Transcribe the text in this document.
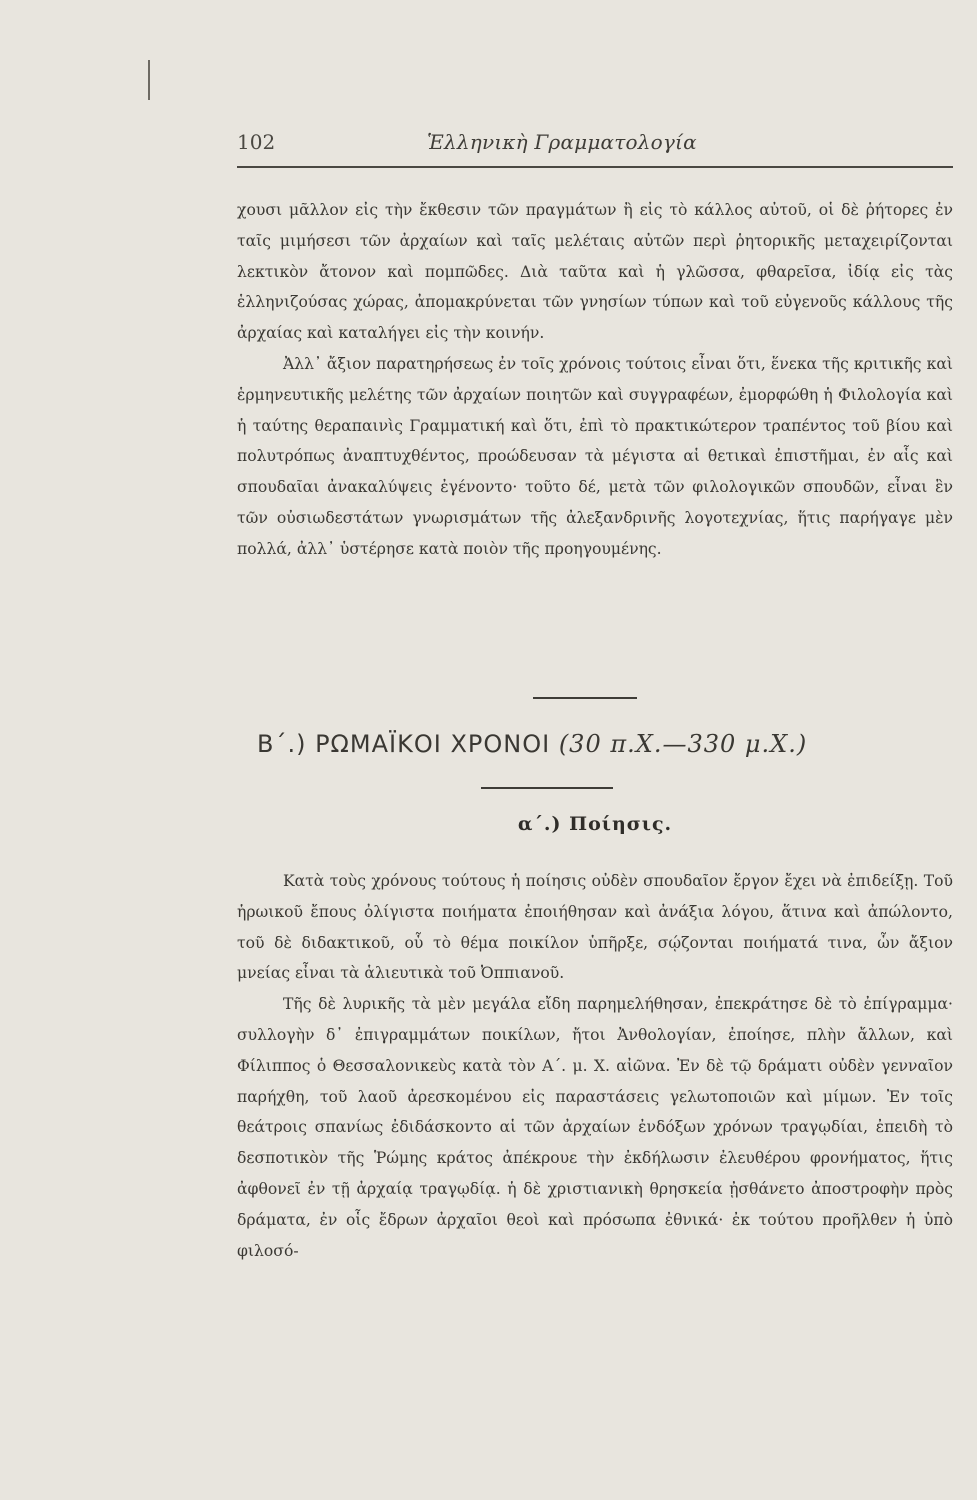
102	Ἑλληνικὴ Γραμματολογία

χουσι μᾶλλον εἰς τὴν ἔκθεσιν τῶν πραγμάτων ἢ εἰς τὸ κάλλος αὐτοῦ, οἱ δὲ ῥήτορες ἐν ταῖς μιμήσεσι τῶν ἀρχαίων καὶ ταῖς μελέταις αὐτῶν περὶ ῥητορικῆς μεταχειρίζονται λεκτικὸν ἄτονον καὶ πομπῶδες. Διὰ ταῦτα καὶ ἡ γλῶσσα, φθαρεῖσα, ἰδίᾳ εἰς τὰς ἑλληνιζούσας χώρας, ἀπομακρύνεται τῶν γνησίων τύπων καὶ τοῦ εὐγενοῦς κάλλους τῆς ἀρχαίας καὶ καταλήγει εἰς τὴν κοινήν.

Ἀλλ᾽ ἄξιον παρατηρήσεως ἐν τοῖς χρόνοις τούτοις εἶναι ὅτι, ἕνεκα τῆς κριτικῆς καὶ ἑρμηνευτικῆς μελέτης τῶν ἀρχαίων ποιητῶν καὶ συγγραφέων, ἐμορφώθη ἡ Φιλολογία καὶ ἡ ταύτης θεραπαινὶς Γραμματική καὶ ὅτι, ἐπὶ τὸ πρακτικώτερον τραπέντος τοῦ βίου καὶ πολυτρόπως ἀναπτυχθέντος, προώδευσαν τὰ μέγιστα αἱ θετικαὶ ἐπιστῆμαι, ἐν αἷς καὶ σπουδαῖαι ἀνακαλύψεις ἐγένοντο· τοῦτο δέ, μετὰ τῶν φιλολογικῶν σπουδῶν, εἶναι ἓν τῶν οὐσιωδεστάτων γνωρισμάτων τῆς ἀλεξανδρινῆς λογοτεχνίας, ἥτις παρήγαγε μὲν πολλά, ἀλλ᾽ ὑστέρησε κατὰ ποιὸν τῆς προηγουμένης.

Β΄.) ΡΩΜΑΪΚΟΙ ΧΡΟΝΟΙ (30 π.Χ.—330 μ.Χ.)
α΄.) Ποίησις.

Κατὰ τοὺς χρόνους τούτους ἡ ποίησις οὐδὲν σπουδαῖον ἔργον ἔχει νὰ ἐπιδείξῃ. Τοῦ ἡρωικοῦ ἔπους ὀλίγιστα ποιήματα ἐποιήθησαν καὶ ἀνάξια λόγου, ἅτινα καὶ ἀπώλοντο, τοῦ δὲ διδακτικοῦ, οὗ τὸ θέμα ποικίλον ὑπῆρξε, σῴζονται ποιήματά τινα, ὧν ἄξιον μνείας εἶναι τὰ ἁλιευτικὰ τοῦ Ὀππιανοῦ.

Τῆς δὲ λυρικῆς τὰ μὲν μεγάλα εἴδη παρημελήθησαν, ἐπεκράτησε δὲ τὸ ἐπίγραμμα· συλλογὴν δ᾽ ἐπιγραμμάτων ποικίλων, ἤτοι Ἀνθολογίαν, ἐποίησε, πλὴν ἄλλων, καὶ Φίλιππος ὁ Θεσσαλονικεὺς κατὰ τὸν Α΄. μ. Χ. αἰῶνα. Ἐν δὲ τῷ δράματι οὐδὲν γενναῖον παρήχθη, τοῦ λαοῦ ἀρεσκομένου εἰς παραστάσεις γελωτοποιῶν καὶ μίμων. Ἐν τοῖς θεάτροις σπανίως ἐδιδάσκοντο αἱ τῶν ἀρχαίων ἐνδόξων χρόνων τραγῳδίαι, ἐπειδὴ τὸ δεσποτικὸν τῆς Ῥώμης κράτος ἀπέκρουε τὴν ἐκδήλωσιν ἐλευθέρου φρονήματος, ἥτις ἀφθονεῖ ἐν τῇ ἀρχαίᾳ τραγῳδίᾳ. ἡ δὲ χριστιανικὴ θρησκεία ᾐσθάνετο ἀποστροφὴν πρὸς δράματα, ἐν οἷς ἔδρων ἀρχαῖοι θεοὶ καὶ πρόσωπα ἐθνικά· ἐκ τούτου προῆλθεν ἡ ὑπὸ φιλοσό-
